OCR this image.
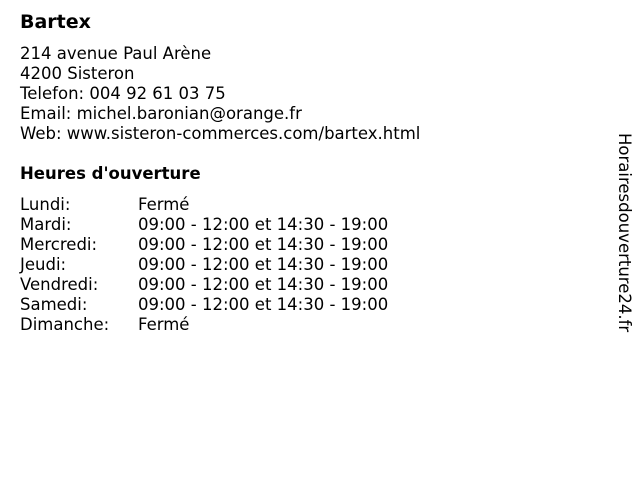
Bartex
214 avenue Paul Arène
4200 Sisteron
Telefon: 004 92 61 03 75
Email: michel.baronian@orange.fr
Web: www.sisteron-commerces.com/bartex.html
Heures d'ouverture
Lundi:	Fermé
Mardi:	09:00 - 12:00 et 14:30 - 19:00
Mercredi: 09:00 - 12:00 et 14:30 - 19:00
Jeudi:	09:00 - 12:00 et 14:30 - 19:00
Vendredi: 09:00 - 12:00 et 14:30 - 19:00
Samedi:	09:00 - 12:00 et 14:30 - 19:00
Dimanche: Fermé	Horairesdouverture24.fr
